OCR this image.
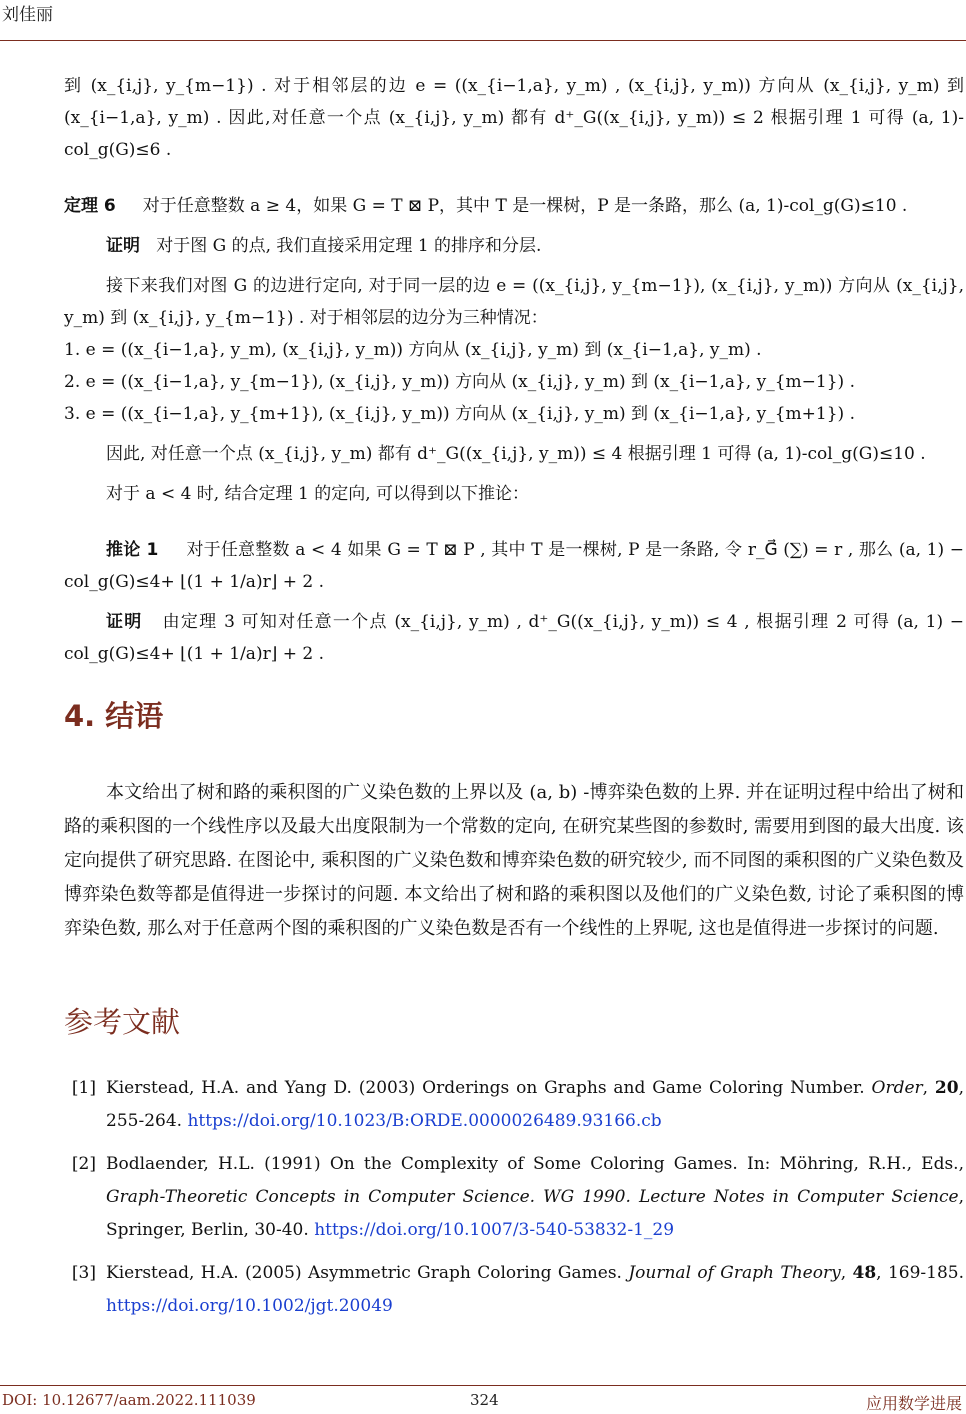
刘佳丽

到 (x_{i,j}, y_{m−1}) . 对于相邻层的边 e = ((x_{i−1,a}, y_m) , (x_{i,j}, y_m)) 方向从 (x_{i,j}, y_m) 到 (x_{i−1,a}, y_m) . 因此,对任意一个点 (x_{i,j}, y_m) 都有 d⁺_G((x_{i,j}, y_m)) ≤ 2 根据引理 1 可得 (a, 1)-col_g(G)≤6 .

定理 6 对于任意整数 a ≥ 4，如果 G = T ⊠ P，其中 T 是一棵树，P 是一条路，那么 (a, 1)-col_g(G)≤10 .

证明 对于图 G 的点, 我们直接采用定理 1 的排序和分层.

接下来我们对图 G 的边进行定向, 对于同一层的边 e = ((x_{i,j}, y_{m−1}), (x_{i,j}, y_m)) 方向从 (x_{i,j}, y_m) 到 (x_{i,j}, y_{m−1}) . 对于相邻层的边分为三种情况：

1. e = ((x_{i−1,a}, y_m), (x_{i,j}, y_m)) 方向从 (x_{i,j}, y_m) 到 (x_{i−1,a}, y_m) .

2. e = ((x_{i−1,a}, y_{m−1}), (x_{i,j}, y_m)) 方向从 (x_{i,j}, y_m) 到 (x_{i−1,a}, y_{m−1}) .

3. e = ((x_{i−1,a}, y_{m+1}), (x_{i,j}, y_m)) 方向从 (x_{i,j}, y_m) 到 (x_{i−1,a}, y_{m+1}) .

因此, 对任意一个点 (x_{i,j}, y_m) 都有 d⁺_G((x_{i,j}, y_m)) ≤ 4 根据引理 1 可得 (a, 1)-col_g(G)≤10 .

对于 a < 4 时, 结合定理 1 的定向, 可以得到以下推论：

推论 1 对于任意整数 a < 4 如果 G = T ⊠ P , 其中 T 是一棵树, P 是一条路, 令 r_G⃗ (∑) = r , 那么 (a, 1) − col_g(G)≤4+ ⌊(1 + 1/a)r⌋ + 2 .

证明 由定理 3 可知对任意一个点 (x_{i,j}, y_m) , d⁺_G((x_{i,j}, y_m)) ≤ 4 , 根据引理 2 可得 (a, 1) − col_g(G)≤4+ ⌊(1 + 1/a)r⌋ + 2 .

4. 结语

本文给出了树和路的乘积图的广义染色数的上界以及 (a, b) -博弈染色数的上界. 并在证明过程中给出了树和路的乘积图的一个线性序以及最大出度限制为一个常数的定向, 在研究某些图的参数时, 需要用到图的最大出度. 该定向提供了研究思路. 在图论中, 乘积图的广义染色数和博弈染色数的研究较少, 而不同图的乘积图的广义染色数及博弈染色数等都是值得进一步探讨的问题. 本文给出了树和路的乘积图以及他们的广义染色数, 讨论了乘积图的博弈染色数, 那么对于任意两个图的乘积图的广义染色数是否有一个线性的上界呢, 这也是值得进一步探讨的问题.

参考文献
[1] Kierstead, H.A. and Yang D. (2003) Orderings on Graphs and Game Coloring Number. Order, 20, 255-264. https://doi.org/10.1023/B:ORDE.0000026489.93166.cb
[2] Bodlaender, H.L. (1991) On the Complexity of Some Coloring Games. In: Möhring, R.H., Eds., Graph-Theoretic Concepts in Computer Science. WG 1990. Lecture Notes in Computer Science, Springer, Berlin, 30-40. https://doi.org/10.1007/3-540-53832-1_29
[3] Kierstead, H.A. (2005) Asymmetric Graph Coloring Games. Journal of Graph Theory, 48, 169-185. https://doi.org/10.1002/jgt.20049
DOI: 10.12677/aam.2022.111039	324	应用数学进展
